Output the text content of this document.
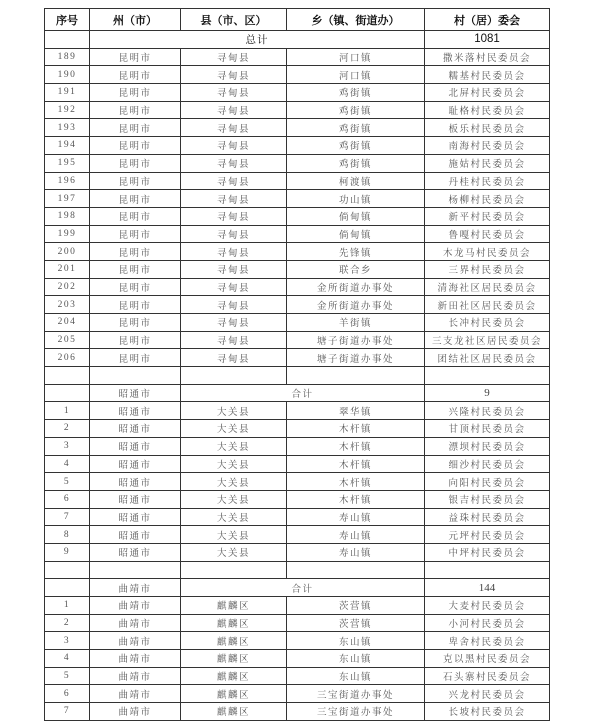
序号	州（市）	县（市、区）	乡（镇、街道办）	村（居）委会
	总计			1081
189	昆明市	寻甸县	河口镇	撒米落村民委员会
190	昆明市	寻甸县	河口镇	糯基村民委员会
191	昆明市	寻甸县	鸡街镇	北屏村民委员会
192	昆明市	寻甸县	鸡街镇	耻格村民委员会
193	昆明市	寻甸县	鸡街镇	板乐村民委员会
194	昆明市	寻甸县	鸡街镇	南海村民委员会
195	昆明市	寻甸县	鸡街镇	施姑村民委员会
196	昆明市	寻甸县	柯渡镇	丹桂村民委员会
197	昆明市	寻甸县	功山镇	杨柳村民委员会
198	昆明市	寻甸县	倘甸镇	新平村民委员会
199	昆明市	寻甸县	倘甸镇	鲁嘎村民委员会
200	昆明市	寻甸县	先锋镇	木龙马村民委员会
201	昆明市	寻甸县	联合乡	三界村民委员会
202	昆明市	寻甸县	金所街道办事处	清海社区居民委员会
203	昆明市	寻甸县	金所街道办事处	新田社区居民委员会
204	昆明市	寻甸县	羊街镇	长冲村民委员会
205	昆明市	寻甸县	塘子街道办事处	三支龙社区居民委员会
206	昆明市	寻甸县	塘子街道办事处	团结社区居民委员会

	昭通市	合计		9
1	昭通市	大关县	翠华镇	兴隆村民委员会
2	昭通市	大关县	木杆镇	甘顶村民委员会
3	昭通市	大关县	木杆镇	漂坝村民委员会
4	昭通市	大关县	木杆镇	细沙村民委员会
5	昭通市	大关县	木杆镇	向阳村民委员会
6	昭通市	大关县	木杆镇	银吉村民委员会
7	昭通市	大关县	寿山镇	益珠村民委员会
8	昭通市	大关县	寿山镇	元坪村民委员会
9	昭通市	大关县	寿山镇	中坪村民委员会

	曲靖市	合计		144
1	曲靖市	麒麟区	茨营镇	大麦村民委员会
2	曲靖市	麒麟区	茨营镇	小河村民委员会
3	曲靖市	麒麟区	东山镇	卑舍村民委员会
4	曲靖市	麒麟区	东山镇	克以黑村民委员会
5	曲靖市	麒麟区	东山镇	石头寨村民委员会
6	曲靖市	麒麟区	三宝街道办事处	兴龙村民委员会
7	曲靖市	麒麟区	三宝街道办事处	长坡村民委员会
